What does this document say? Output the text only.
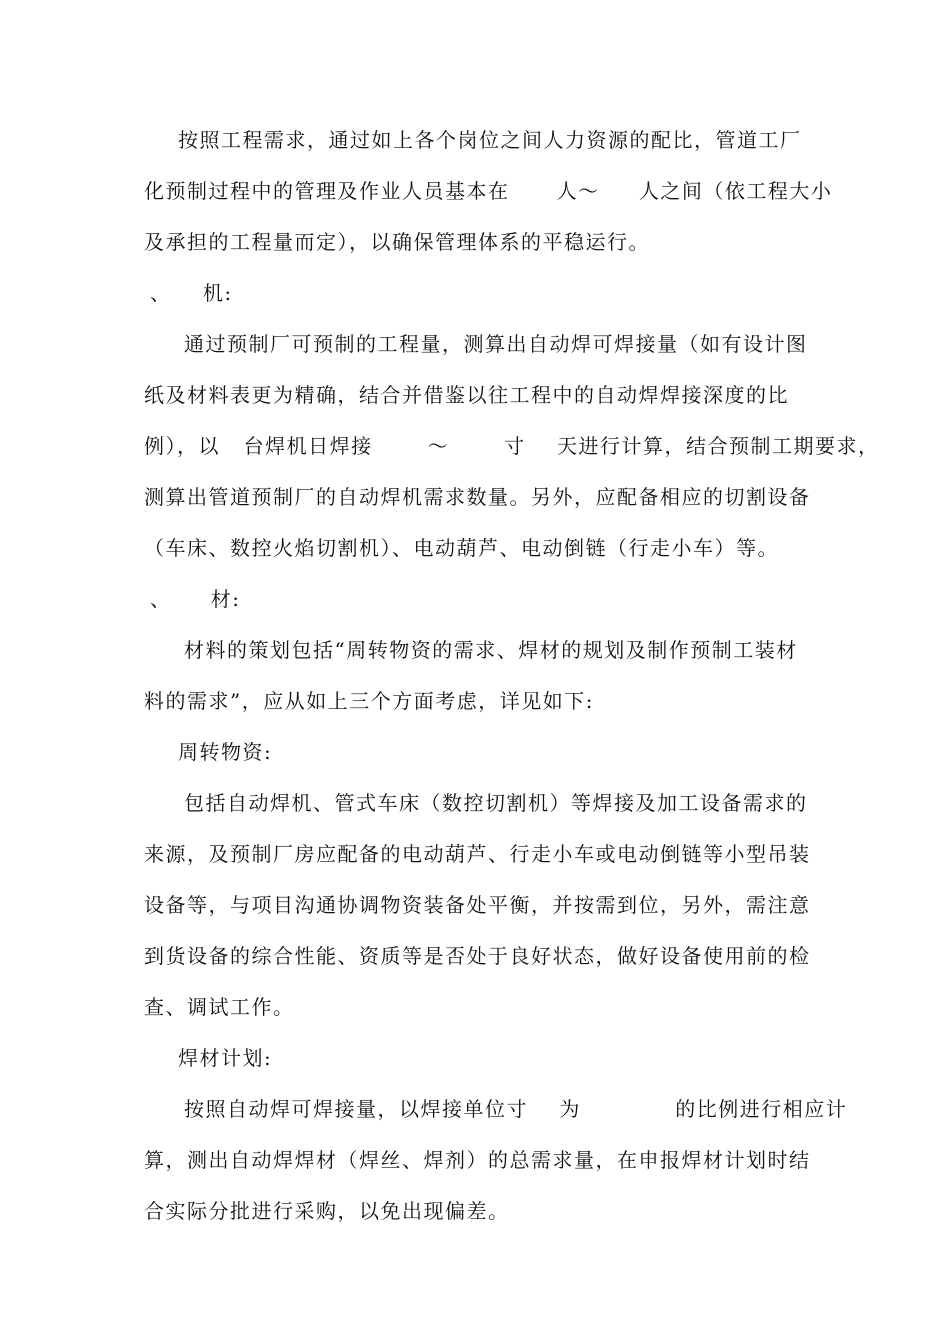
按照工程需求，通过如上各个岗位之间人力资源的配比，管道工厂
化预制过程中的管理及作业人员基本在      人～     人之间（依工程大小
及承担的工程量而定），以确保管理体系的平稳运行。
、    机:
通过预制厂可预制的工程量，测算出自动焊可焊接量（如有设计图
纸及材料表更为精确，结合并借鉴以往工程中的自动焊焊接深度的比
例），以   台焊机日焊接       ～       寸    天进行计算，结合预制工期要求，
测算出管道预制厂的自动焊机需求数量。另外，应配备相应的切割设备
（车床、数控火焰切割机）、电动葫芦、电动倒链（行走小车）等。
、     材:
材料的策划包括“周转物资的需求、焊材的规划及制作预制工装材
料的需求”，应从如上三个方面考虑，详见如下:
周转物资:
包括自动焊机、管式车床（数控切割机）等焊接及加工设备需求的
来源，及预制厂房应配备的电动葫芦、行走小车或电动倒链等小型吊装
设备等，与项目沟通协调物资装备处平衡，并按需到位，另外，需注意
到货设备的综合性能、资质等是否处于良好状态，做好设备使用前的检
查、调试工作。
焊材计划:
按照自动焊可焊接量，以焊接单位寸    为            的比例进行相应计
算，测出自动焊焊材（焊丝、焊剂）的总需求量，在申报焊材计划时结
合实际分批进行采购，以免出现偏差。
